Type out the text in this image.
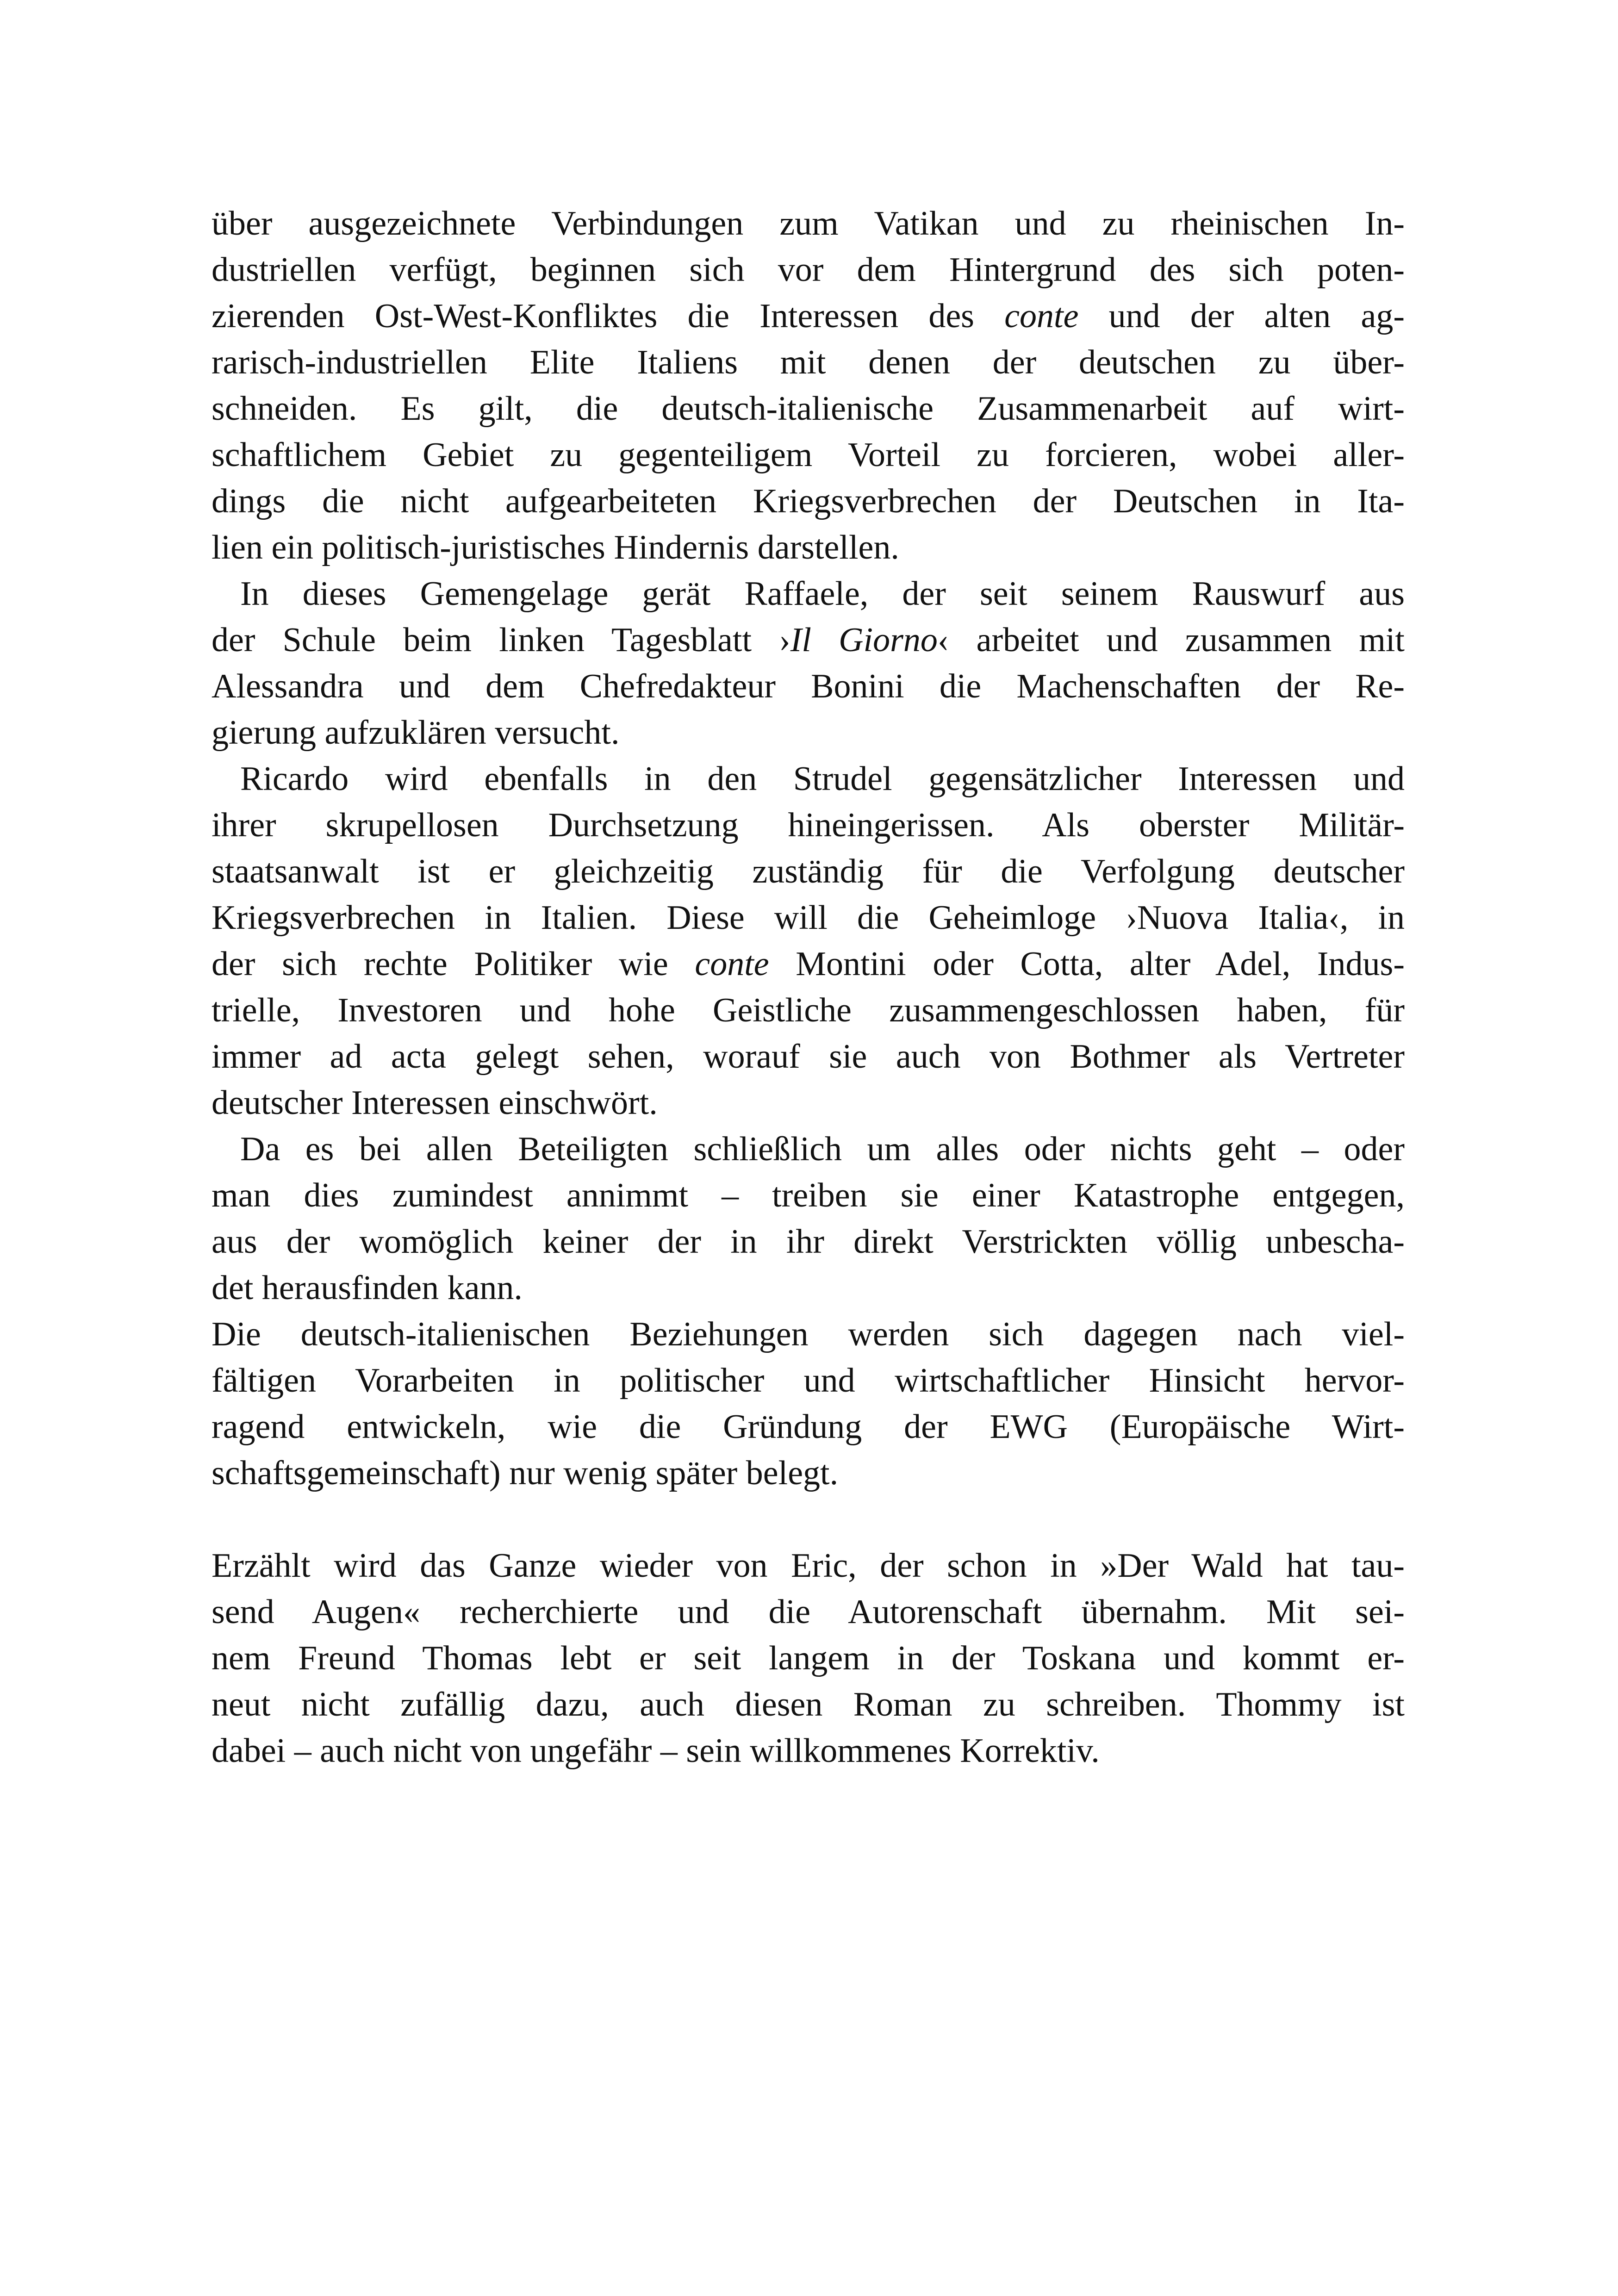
über ausgezeichnete Verbindungen zum Vatikan und zu rheinischen In-
dustriellen verfügt, beginnen sich vor dem Hintergrund des sich poten-
zierenden Ost-West-Konfliktes die Interessen des conte und der alten ag-
rarisch-industriellen Elite Italiens mit denen der deutschen zu über-
schneiden. Es gilt, die deutsch-italienische Zusammenarbeit auf wirt-
schaftlichem Gebiet zu gegenteiligem Vorteil zu forcieren, wobei aller-
dings die nicht aufgearbeiteten Kriegsverbrechen der Deutschen in Ita-
lien ein politisch-juristisches Hindernis darstellen.
In dieses Gemengelage gerät Raffaele, der seit seinem Rauswurf aus
der Schule beim linken Tagesblatt ›Il Giorno‹ arbeitet und zusammen mit
Alessandra und dem Chefredakteur Bonini die Machenschaften der Re-
gierung aufzuklären versucht.
Ricardo wird ebenfalls in den Strudel gegensätzlicher Interessen und
ihrer skrupellosen Durchsetzung hineingerissen. Als oberster Militär-
staatsanwalt ist er gleichzeitig zuständig für die Verfolgung deutscher
Kriegsverbrechen in Italien. Diese will die Geheimloge ›Nuova Italia‹, in
der sich rechte Politiker wie conte Montini oder Cotta, alter Adel, Indus-
trielle, Investoren und hohe Geistliche zusammengeschlossen haben, für
immer ad acta gelegt sehen, worauf sie auch von Bothmer als Vertreter
deutscher Interessen einschwört.
Da es bei allen Beteiligten schließlich um alles oder nichts geht – oder
man dies zumindest annimmt – treiben sie einer Katastrophe entgegen,
aus der womöglich keiner der in ihr direkt Verstrickten völlig unbescha-
det herausfinden kann.
Die deutsch-italienischen Beziehungen werden sich dagegen nach viel-
fältigen Vorarbeiten in politischer und wirtschaftlicher Hinsicht hervor-
ragend entwickeln, wie die Gründung der EWG (Europäische Wirt-
schaftsgemeinschaft) nur wenig später belegt.
Erzählt wird das Ganze wieder von Eric, der schon in »Der Wald hat tau-
send Augen« recherchierte und die Autorenschaft übernahm. Mit sei-
nem Freund Thomas lebt er seit langem in der Toskana und kommt er-
neut nicht zufällig dazu, auch diesen Roman zu schreiben. Thommy ist
dabei – auch nicht von ungefähr – sein willkommenes Korrektiv.
